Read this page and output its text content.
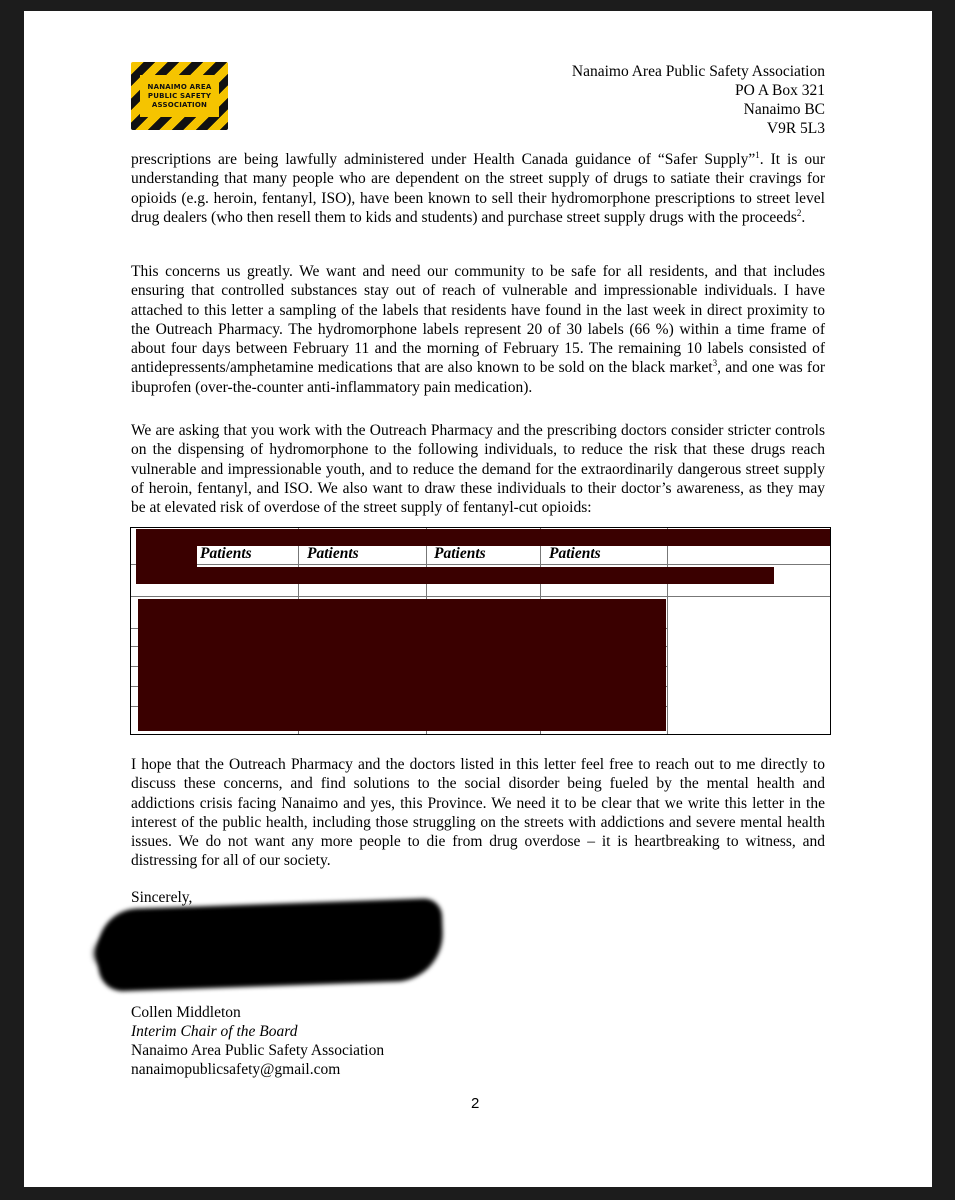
NANAIMO AREA
PUBLIC SAFETY
ASSOCIATION
Nanaimo Area Public Safety Association
PO A Box 321
Nanaimo BC
V9R 5L3
prescriptions are being lawfully administered under Health Canada guidance of “Safer Supply”$^1$. It is our understanding that many people who are dependent on the street supply of drugs to satiate their cravings for opioids (e.g. heroin, fentanyl, ISO), have been known to sell their hydromorphone prescriptions to street level drug dealers (who then resell them to kids and students) and purchase street supply drugs with the proceeds$^2$.
This concerns us greatly. We want and need our community to be safe for all residents, and that includes ensuring that controlled substances stay out of reach of vulnerable and impressionable individuals. I have attached to this letter a sampling of the labels that residents have found in the last week in direct proximity to the Outreach Pharmacy. The hydromorphone labels represent 20 of 30 labels (66 %) within a time frame of about four days between February 11 and the morning of February 15. The remaining 10 labels consisted of antidepressents/amphetamine medications that are also known to be sold on the black market$^3$, and one was for ibuprofen (over-the-counter anti-inflammatory pain medication).
We are asking that you work with the Outreach Pharmacy and the prescribing doctors consider stricter controls on the dispensing of hydromorphone to the following individuals, to reduce the risk that these drugs reach vulnerable and impressionable youth, and to reduce the demand for the extraordinarily dangerous street supply of heroin, fentanyl, and ISO. We also want to draw these individuals to their doctor’s awareness, as they may be at elevated risk of overdose of the street supply of fentanyl-cut opioids:
Patients	Patients	Patients	Patients
I hope that the Outreach Pharmacy and the doctors listed in this letter feel free to reach out to me directly to discuss these concerns, and find solutions to the social disorder being fueled by the mental health and addictions crisis facing Nanaimo and yes, this Province. We need it to be clear that we write this letter in the interest of the public health, including those struggling on the streets with addictions and severe mental health issues. We do not want any more people to die from drug overdose – it is heartbreaking to witness, and distressing for all of our society.
Sincerely,
Collen Middleton
Interim Chair of the Board
Nanaimo Area Public Safety Association
nanaimopublicsafety@gmail.com
2
